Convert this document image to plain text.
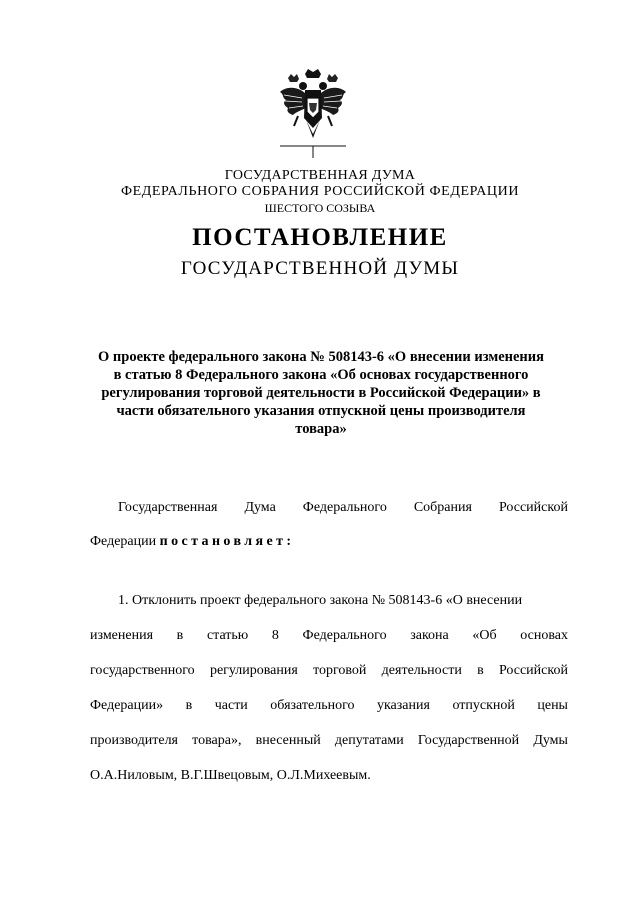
ГОСУДАРСТВЕННАЯ ДУМА
ФЕДЕРАЛЬНОГО СОБРАНИЯ РОССИЙСКОЙ ФЕДЕРАЦИИ
ШЕСТОГО СОЗЫВА
ПОСТАНОВЛЕНИЕ
ГОСУДАРСТВЕННОЙ ДУМЫ
О проекте федерального закона № 508143-6 «О внесении изменения
в статью 8 Федерального закона «Об основах государственного
регулирования торговой деятельности в Российской Федерации» в
части обязательного указания отпускной цены производителя
товара»
Государственная Дума Федерального Собрания Российской
Федерации постановляет:
1. Отклонить проект федерального закона № 508143-6 «О внесении
изменения в статью 8 Федерального закона «Об основах
государственного регулирования торговой деятельности в Российской
Федерации» в части обязательного указания отпускной цены
производителя товара», внесенный депутатами Государственной Думы
О.А.Ниловым, В.Г.Швецовым, О.Л.Михеевым.
